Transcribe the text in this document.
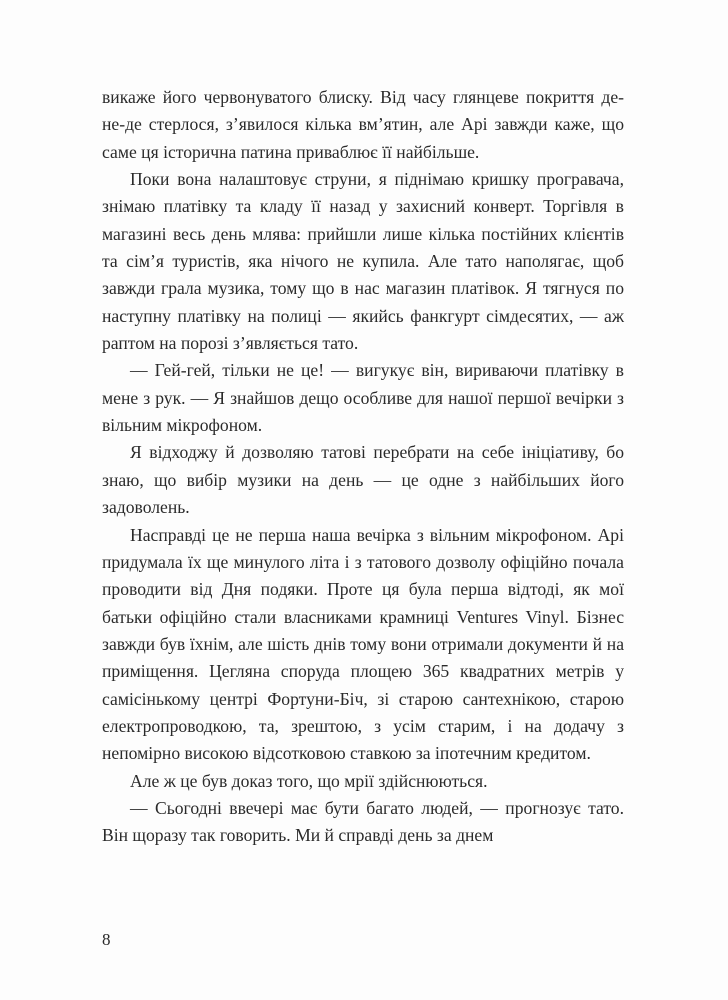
викаже його червонуватого блиску. Від часу глянцеве покриття де-не-де стерлося, з’явилося кілька вм’ятин, але Арі завжди каже, що саме ця історична патина приваблює її найбільше.

Поки вона налаштовує струни, я піднімаю кришку програвача, знімаю платівку та кладу її назад у захисний конверт. Торгівля в магазині весь день млява: прийшли лише кілька постійних клієнтів та сім’я туристів, яка нічого не купила. Але тато наполягає, щоб завжди грала музика, тому що в нас магазин платівок. Я тягнуся по наступну платівку на полиці — якийсь фанкгурт сімдесятих, — аж раптом на порозі з’являється тато.

— Гей-гей, тільки не це! — вигукує він, вириваючи платівку в мене з рук. — Я знайшов дещо особливе для нашої першої вечірки з вільним мікрофоном.

Я відходжу й дозволяю татові перебрати на себе ініціативу, бо знаю, що вибір музики на день — це одне з найбільших його задоволень.

Насправді це не перша наша вечірка з вільним мікрофоном. Арі придумала їх ще минулого літа і з татового дозволу офіційно почала проводити від Дня подяки. Проте ця була перша відтоді, як мої батьки офіційно стали власниками крамниці Ventures Vinyl. Бізнес завжди був їхнім, але шість днів тому вони отримали документи й на приміщення. Цегляна споруда площею 365 квадратних метрів у самісінькому центрі Фортуни-Біч, зі старою сантехнікою, старою електропроводкою, та, зрештою, з усім старим, і на додачу з непомірно високою відсотковою ставкою за іпотечним кредитом.

Але ж це був доказ того, що мрії здійснюються.

— Сьогодні ввечері має бути багато людей, — прогнозує тато. Він щоразу так говорить. Ми й справді день за днем

8
